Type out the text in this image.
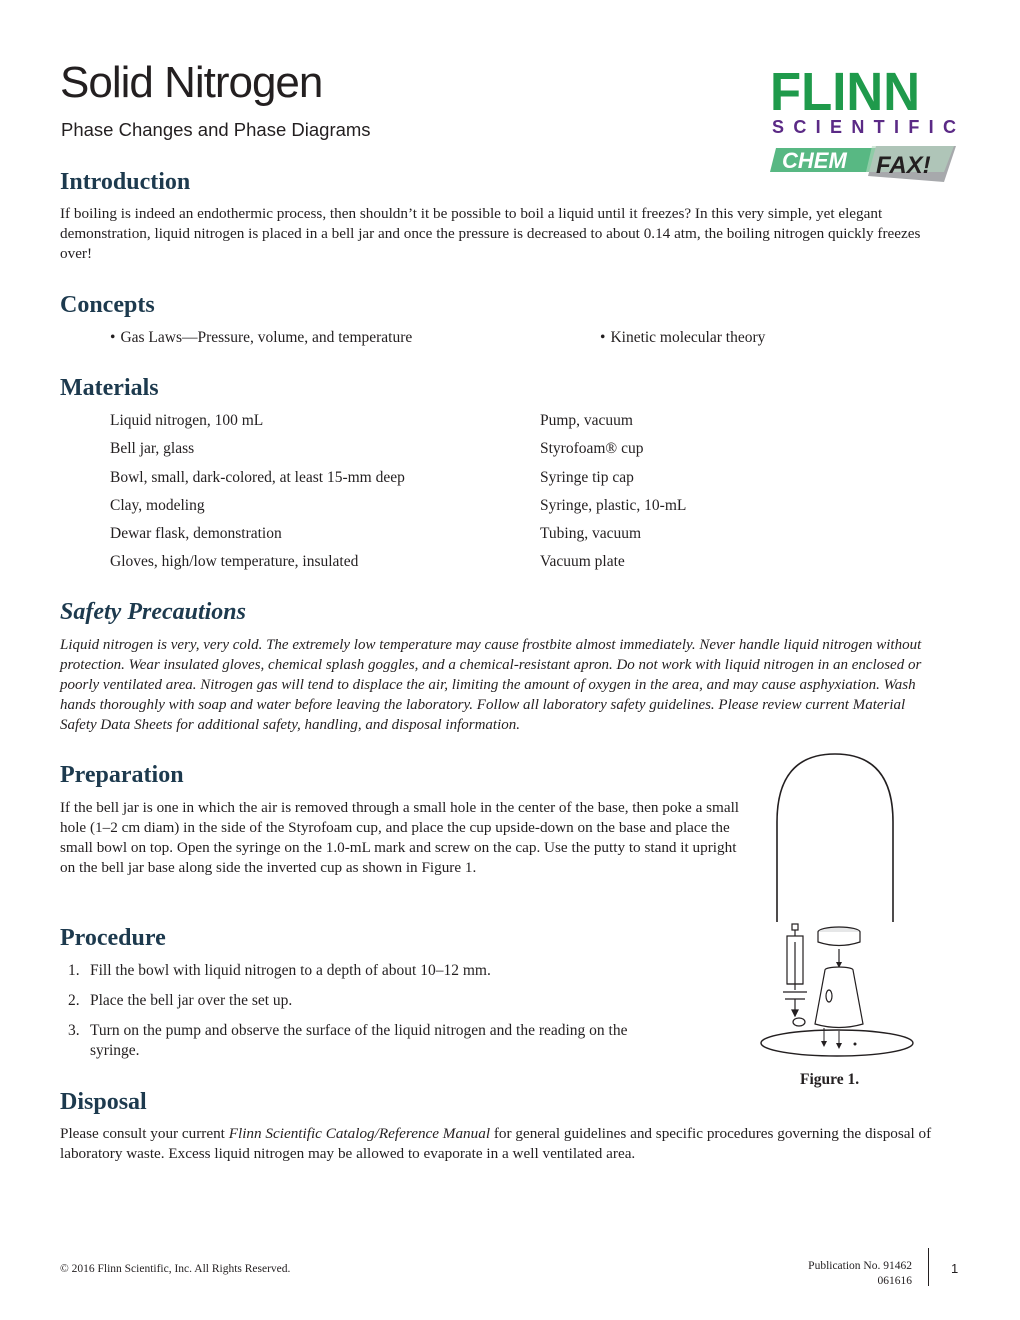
Solid Nitrogen
Phase Changes and Phase Diagrams
FLINN
SCIENTIFIC
CHEM FAX!
Introduction

If boiling is indeed an endothermic process, then shouldn’t it be possible to boil a liquid until it freezes? In this very simple, yet elegant demonstration, liquid nitrogen is placed in a bell jar and once the pressure is decreased to about 0.14 atm, the boiling nitrogen quickly freezes over!

Concepts
• Gas Laws—Pressure, volume, and temperature	• Kinetic molecular theory
Materials
Liquid nitrogen, 100 mL
Bell jar, glass
Bowl, small, dark-colored, at least 15-mm deep
Clay, modeling
Dewar flask, demonstration
Gloves, high/low temperature, insulated
Pump, vacuum
Styrofoam® cup
Syringe tip cap
Syringe, plastic, 10-mL
Tubing, vacuum
Vacuum plate
Safety Precautions

Liquid nitrogen is very, very cold. The extremely low temperature may cause frostbite almost immediately. Never handle liquid nitrogen without protection. Wear insulated gloves, chemical splash goggles, and a chemical-resistant apron. Do not work with liquid nitrogen in an enclosed or poorly ventilated area. Nitrogen gas will tend to displace the air, limiting the amount of oxygen in the area, and may cause asphyxiation. Wash hands thoroughly with soap and water before leaving the laboratory. Follow all laboratory safety guidelines. Please review current Material Safety Data Sheets for additional safety, handling, and disposal information.

Preparation

If the bell jar is one in which the air is removed through a small hole in the center of the base, then poke a small hole (1–2 cm diam) in the side of the Styrofoam cup, and place the cup upside-down on the base and place the small bowl on top. Open the syringe on the 1.0-mL mark and screw on the cap. Use the putty to stand it upright on the bell jar base along side the inverted cup as shown in Figure 1.

Procedure
1. Fill the bowl with liquid nitrogen to a depth of about 10–12 mm.
2. Place the bell jar over the set up.
3. Turn on the pump and observe the surface of the liquid nitrogen and the reading on the
syringe.
Figure 1.
Disposal

Please consult your current Flinn Scientific Catalog/Reference Manual for general guidelines and specific procedures governing the disposal of laboratory waste. Excess liquid nitrogen may be allowed to evaporate in a well ventilated area.

© 2016 Flinn Scientific, Inc. All Rights Reserved.	Publication No. 91462
061616
1
